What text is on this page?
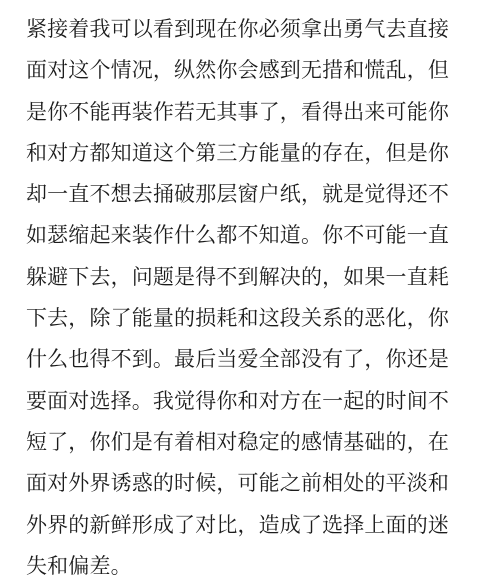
紧接着我可以看到现在你必须拿出勇气去直接
面对这个情况，纵然你会感到无措和慌乱，但
是你不能再装作若无其事了，看得出来可能你
和对方都知道这个第三方能量的存在，但是你
却一直不想去捅破那层窗户纸，就是觉得还不
如瑟缩起来装作什么都不知道。你不可能一直
躲避下去，问题是得不到解决的，如果一直耗
下去，除了能量的损耗和这段关系的恶化，你
什么也得不到。最后当爱全部没有了，你还是
要面对选择。我觉得你和对方在一起的时间不
短了，你们是有着相对稳定的感情基础的，在
面对外界诱惑的时候，可能之前相处的平淡和
外界的新鲜形成了对比，造成了选择上面的迷
失和偏差。
